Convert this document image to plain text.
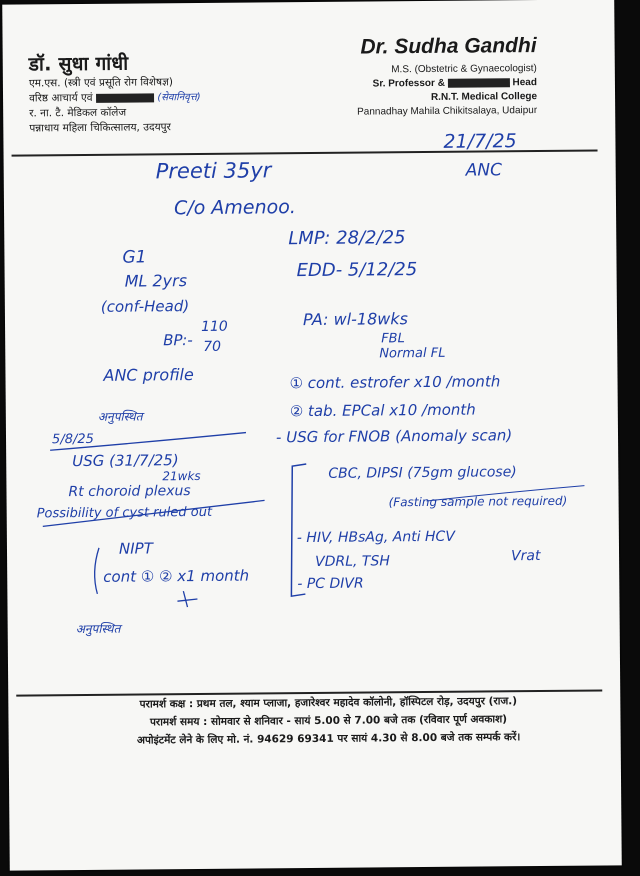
डॉ. सुधा गांधी
एम.एस. (स्त्री एवं प्रसूति रोग विशेषज्ञ)
वरिष्ठ आचार्य एवं	(सेवानिवृत्त)
र. ना. टै. मेडिकल कॉलेज
पन्नाधाय महिला चिकित्सालय, उदयपुर
Dr. Sudha Gandhi
M.S. (Obstetric & Gynaecologist)
Sr. Professor &	Head
R.N.T. Medical College
Pannadhay Mahila Chikitsalaya, Udaipur
21/7/25
ANC
Preeti 35yr
C/o Amenoo.
G1
ML 2yrs
(conf-Head)
BP:-
110
70
ANC profile
LMP: 28/2/25
EDD- 5/12/25
PA: wl-18wks
FBL
Normal FL
① cont. estrofer x10 /month
② tab. EPCal x10 /month
- USG for FNOB (Anomaly scan)
5/8/25
अनुपस्थित
USG (31/7/25)
21wks
Rt choroid plexus
Possibility of cyst ruled out
NIPT
cont ① ② x1 month
अनुपस्थित
CBC, DIPSI (75gm glucose)
(Fasting sample not required)
- HIV, HBsAg, Anti HCV
VDRL, TSH
- PC DIVR
Vrat
परामर्श कक्ष : प्रथम तल, श्याम प्लाजा, हजारेश्वर महादेव कॉलोनी, हॉस्पिटल रोड़, उदयपुर (राज.)
परामर्श समय : सोमवार से शनिवार - सायं 5.00 से 7.00 बजे तक (रविवार पूर्ण अवकाश)
अपोइंटमेंट लेने के लिए मो. नं. 94629 69341 पर सायं 4.30 से 8.00 बजे तक सम्पर्क करें।
